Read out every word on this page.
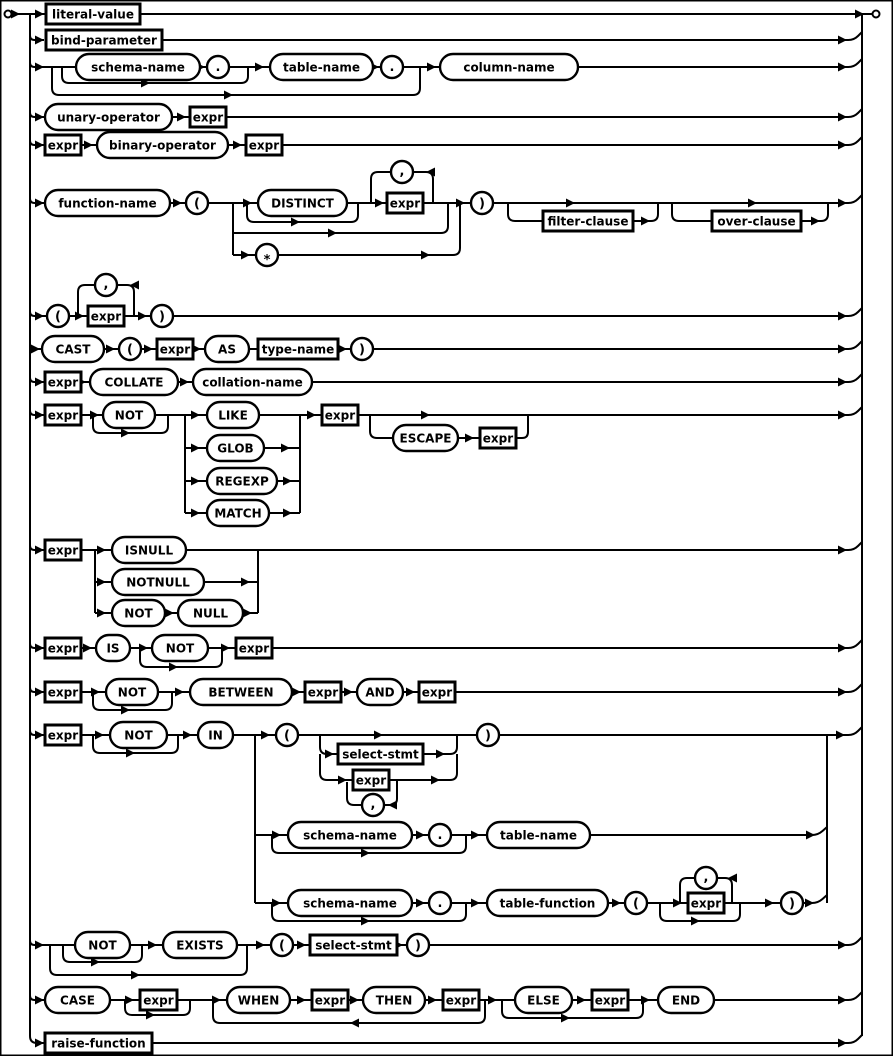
literal-value
bind-parameter
schema-name .	table-name .	column-name
unary-operator	expr
expr	binary-operator	expr
function-name	(	DISTINCT	expr
,
*
)
filter-clause	over-clause
( expr
,
)
CAST	( expr AS type-name )
expr COLLATE	collation-name
expr	NOT	LIKE
GLOB
REGEXP
MATCH
expr
ESCAPE	expr
expr	ISNULL
NOTNULL
NOT	NULL
expr IS	NOT	expr
expr	NOT	BETWEEN	expr AND expr
expr	NOT	IN	(
select-stmt
expr
,
)
schema-name	.	table-name
schema-name	.	table-function	(	expr
,
)
NOT	EXISTS	(	select-stmt )
CASE	expr	WHEN	expr	THEN	expr	ELSE	expr	END
raise-function
